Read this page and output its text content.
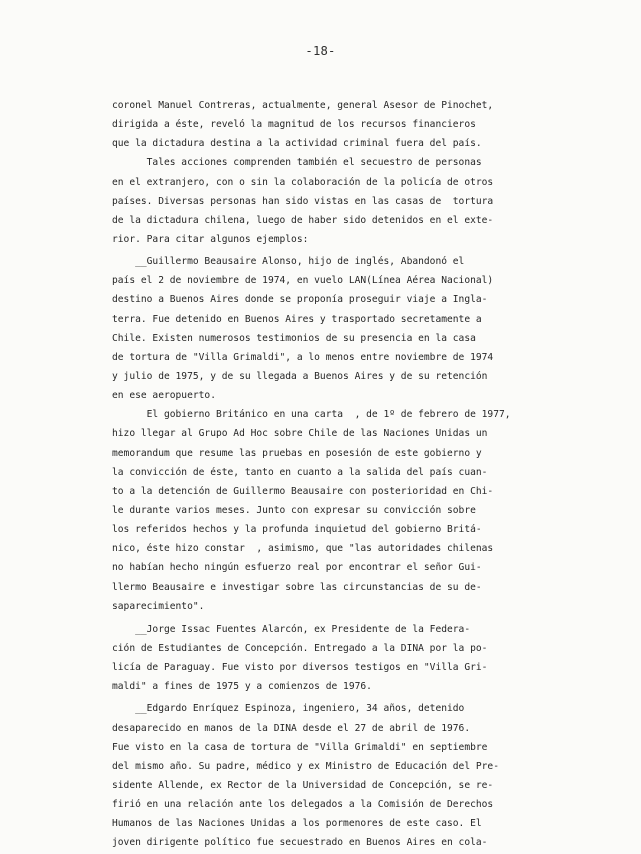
-18-
coronel Manuel Contreras, actualmente, general Asesor de Pinochet,
dirigida a éste, reveló la magnitud de los recursos financieros
que la dictadura destina a la actividad criminal fuera del país.
Tales acciones comprenden también el secuestro de personas
en el extranjero, con o sin la colaboración de la policía de otros
países. Diversas personas han sido vistas en las casas de  tortura
de la dictadura chilena, luego de haber sido detenidos en el exte-
rior. Para citar algunos ejemplos:
__Guillermo Beausaire Alonso, hijo de inglés, Abandonó el
país el 2 de noviembre de 1974, en vuelo LAN(Línea Aérea Nacional)
destino a Buenos Aires donde se proponía proseguir viaje a Ingla-
terra. Fue detenido en Buenos Aires y trasportado secretamente a
Chile. Existen numerosos testimonios de su presencia en la casa
de tortura de "Villa Grimaldi", a lo menos entre noviembre de 1974
y julio de 1975, y de su llegada a Buenos Aires y de su retención
en ese aeropuerto.
El gobierno Británico en una carta  , de 1º de febrero de 1977,
hizo llegar al Grupo Ad Hoc sobre Chile de las Naciones Unidas un
memorandum que resume las pruebas en posesión de este gobierno y
la convicción de éste, tanto en cuanto a la salida del país cuan-
to a la detención de Guillermo Beausaire con posterioridad en Chi-
le durante varios meses. Junto con expresar su convicción sobre
los referidos hechos y la profunda inquietud del gobierno Britá-
nico, éste hizo constar  , asimismo, que "las autoridades chilenas
no habían hecho ningún esfuerzo real por encontrar el señor Gui-
llermo Beausaire e investigar sobre las circunstancias de su de-
saparecimiento".
__Jorge Issac Fuentes Alarcón, ex Presidente de la Federa-
ción de Estudiantes de Concepción. Entregado a la DINA por la po-
licía de Paraguay. Fue visto por diversos testigos en "Villa Gri-
maldi" a fines de 1975 y a comienzos de 1976.
__Edgardo Enríquez Espinoza, ingeniero, 34 años, detenido
desaparecido en manos de la DINA desde el 27 de abril de 1976.
Fue visto en la casa de tortura de "Villa Grimaldi" en septiembre
del mismo año. Su padre, médico y ex Ministro de Educación del Pre-
sidente Allende, ex Rector de la Universidad de Concepción, se re-
firió en una relación ante los delegados a la Comisión de Derechos
Humanos de las Naciones Unidas a los pormenores de este caso. El
joven dirigente político fue secuestrado en Buenos Aires en cola-
